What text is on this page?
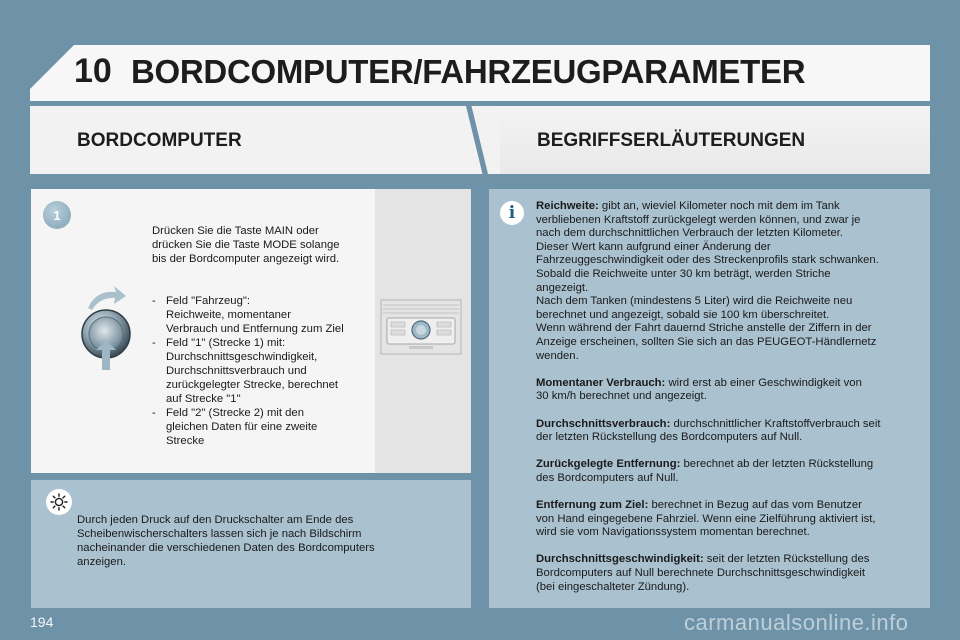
10 BORDCOMPUTER/FAHRZEUGPARAMETER
BORDCOMPUTER	BEGRIFFSERLÄUTERUNGEN
1
Drücken Sie die Taste MAIN oder
drücken Sie die Taste MODE solange
bis der Bordcomputer angezeigt wird.
- Feld "Fahrzeug":
Reichweite, momentaner
Verbrauch und Entfernung zum Ziel
- Feld "1" (Strecke 1) mit:
Durchschnittsgeschwindigkeit,
Durchschnittsverbrauch und
zurückgelegter Strecke, berechnet
auf Strecke "1"
- Feld "2" (Strecke 2) mit den
gleichen Daten für eine zweite
Strecke
Durch jeden Druck auf den Druckschalter am Ende des
Scheibenwischerschalters lassen sich je nach Bildschirm
nacheinander die verschiedenen Daten des Bordcomputers
anzeigen.
i	Reichweite: gibt an, wieviel Kilometer noch mit dem im Tank
verbliebenen Kraftstoff zurückgelegt werden können, und zwar je
nach dem durchschnittlichen Verbrauch der letzten Kilometer.
Dieser Wert kann aufgrund einer Änderung der
Fahrzeuggeschwindigkeit oder des Streckenprofils stark schwanken.
Sobald die Reichweite unter 30 km beträgt, werden Striche
angezeigt.
Nach dem Tanken (mindestens 5 Liter) wird die Reichweite neu
berechnet und angezeigt, sobald sie 100 km überschreitet.
Wenn während der Fahrt dauernd Striche anstelle der Ziffern in der
Anzeige erscheinen, sollten Sie sich an das PEUGEOT-Händlernetz
wenden.
Momentaner Verbrauch: wird erst ab einer Geschwindigkeit von
30 km/h berechnet und angezeigt.
Durchschnittsverbrauch: durchschnittlicher Kraftstoffverbrauch seit
der letzten Rückstellung des Bordcomputers auf Null.
Zurückgelegte Entfernung: berechnet ab der letzten Rückstellung
des Bordcomputers auf Null.
Entfernung zum Ziel: berechnet in Bezug auf das vom Benutzer
von Hand eingegebene Fahrziel. Wenn eine Zielführung aktiviert ist,
wird sie vom Navigationssystem momentan berechnet.
Durchschnittsgeschwindigkeit: seit der letzten Rückstellung des
Bordcomputers auf Null berechnete Durchschnittsgeschwindigkeit
(bei eingeschalteter Zündung).
194	carmanualsonline.info
